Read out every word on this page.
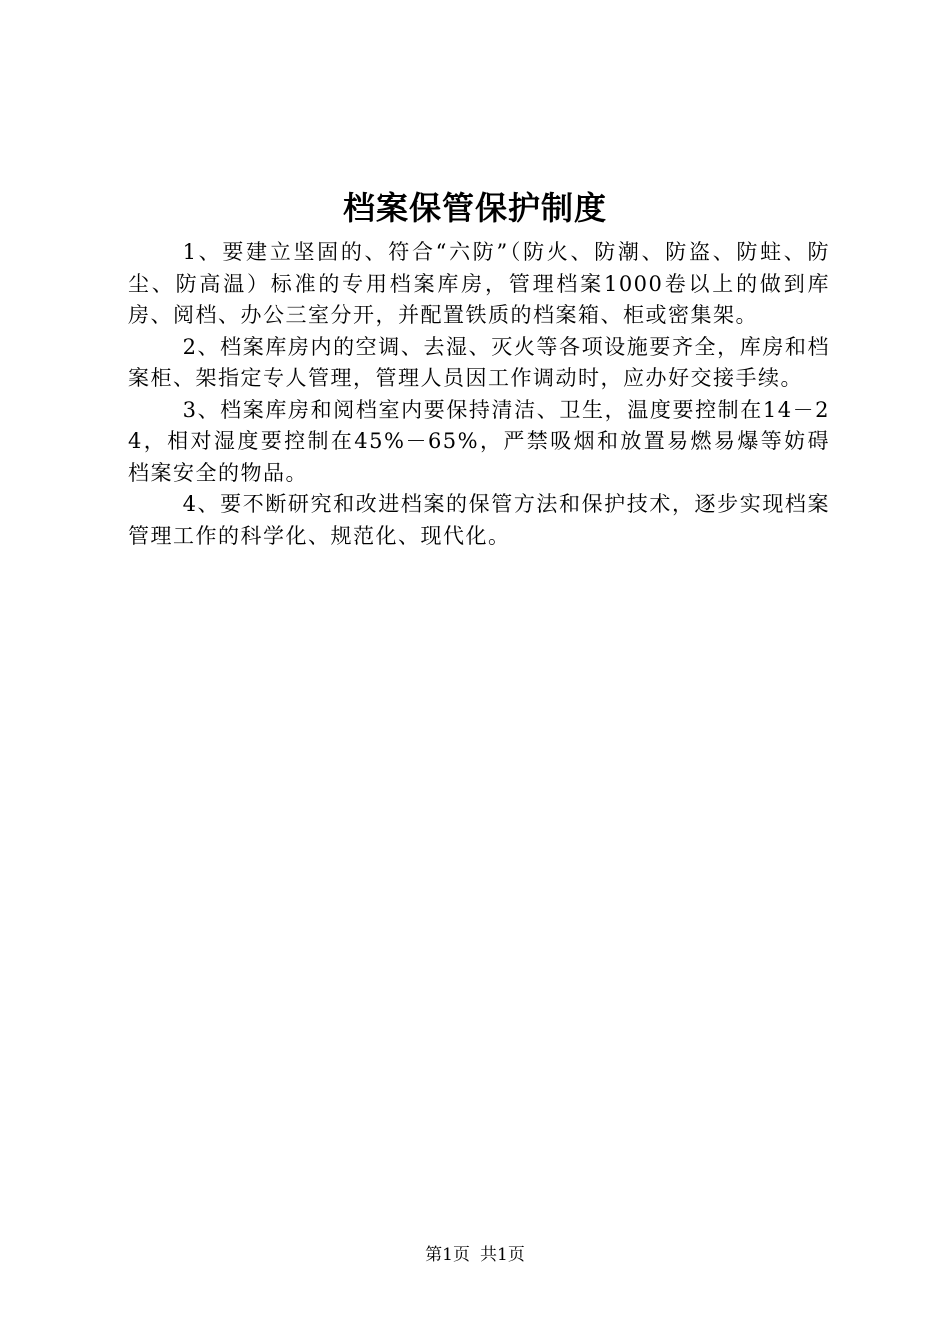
档案保管保护制度

1、要建立坚固的、符合“六防”（防火、防潮、防盗、防蛀、防尘、防高温）标准的专用档案库房，管理档案1000卷以上的做到库房、阅档、办公三室分开，并配置铁质的档案箱、柜或密集架。

2、档案库房内的空调、去湿、灭火等各项设施要齐全，库房和档案柜、架指定专人管理，管理人员因工作调动时，应办好交接手续。

3、档案库房和阅档室内要保持清洁、卫生，温度要控制在14－24，相对湿度要控制在45%－65%，严禁吸烟和放置易燃易爆等妨碍档案安全的物品。

4、要不断研究和改进档案的保管方法和保护技术，逐步实现档案管理工作的科学化、规范化、现代化。

第1页 共1页
